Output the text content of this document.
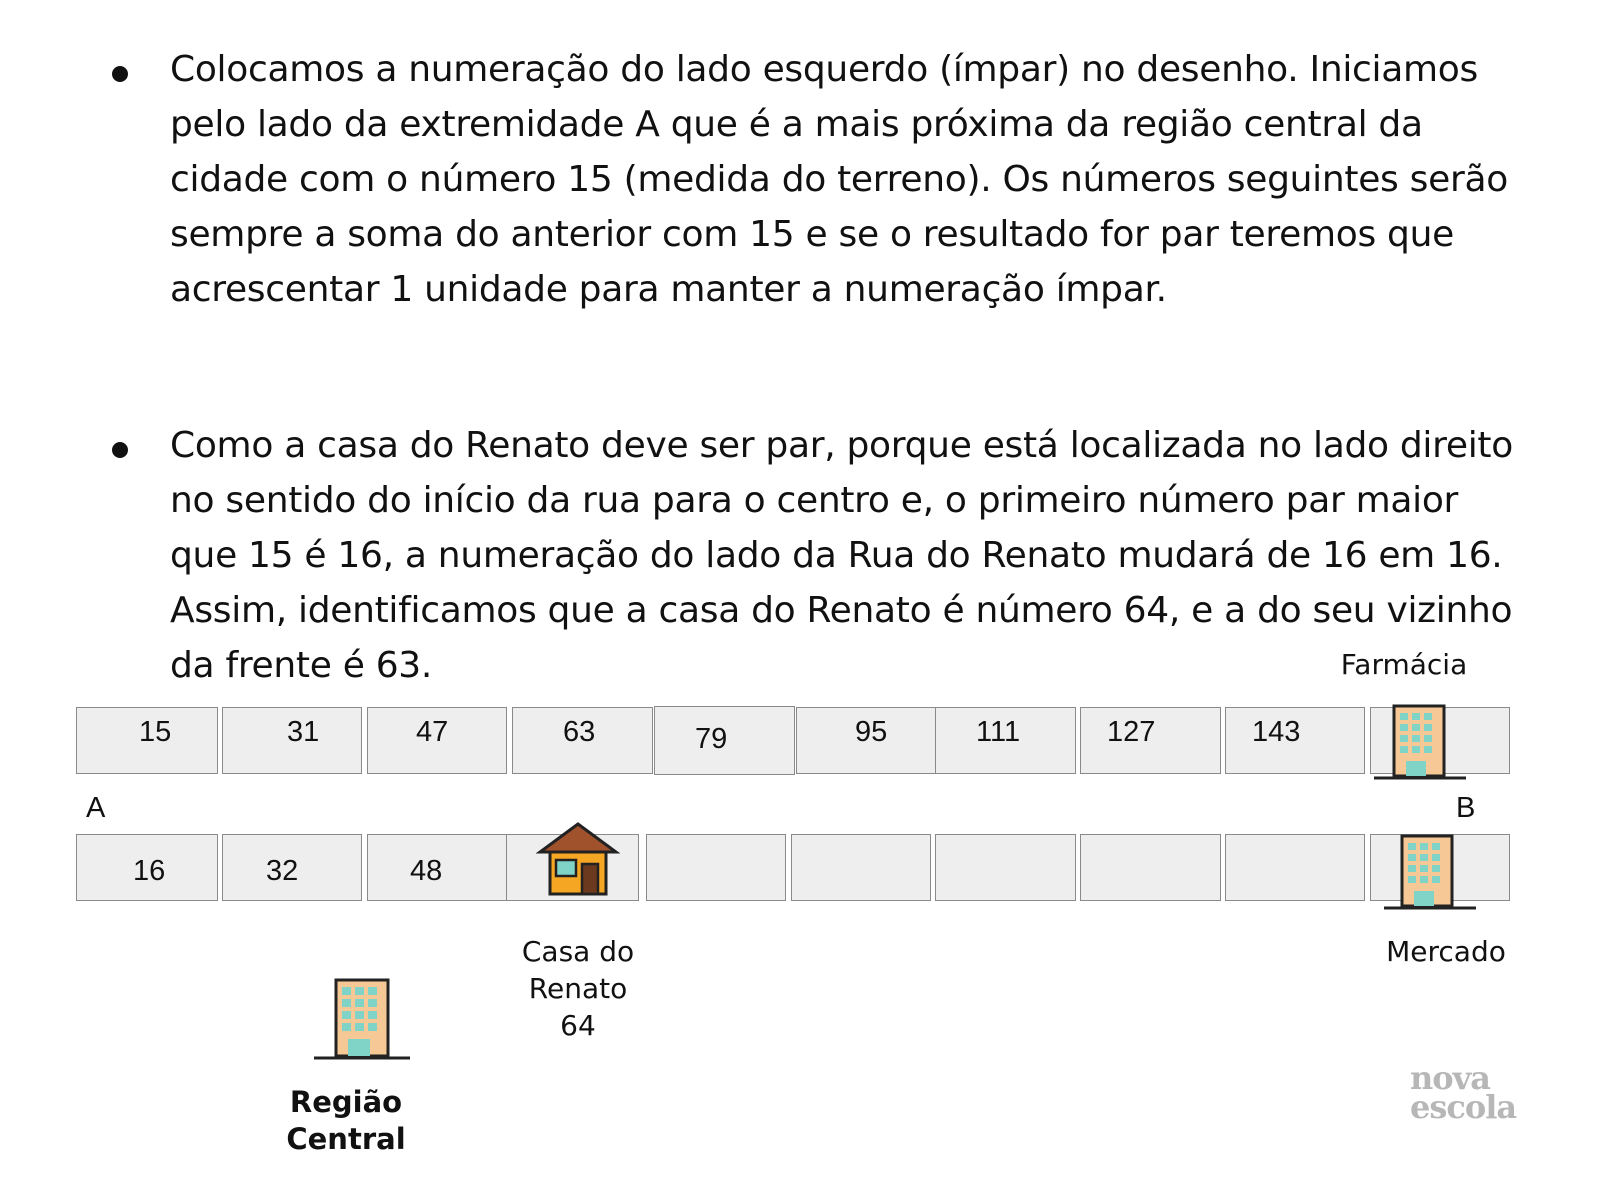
Colocamos a numeração do lado esquerdo (ímpar) no desenho. Iniciamos pelo lado da extremidade A que é a mais próxima da região central da cidade com o número 15 (medida do terreno). Os números seguintes serão sempre a soma do anterior com 15 e se o resultado for par teremos que acrescentar 1 unidade para manter a numeração ímpar.
Como a casa do Renato deve ser par, porque está localizada no lado direito no sentido do início da rua para o centro e, o primeiro número par maior que 15 é 16, a numeração do lado da Rua do Renato mudará de 16 em 16. Assim, identificamos que a casa do Renato é número 64, e a do seu vizinho da frente é 63.	Farmácia
15	31	47	63	79	95	111	127	143
A	B
16	32	48
Casa do
Renato
64
Mercado
Região
Central
nova
escola
